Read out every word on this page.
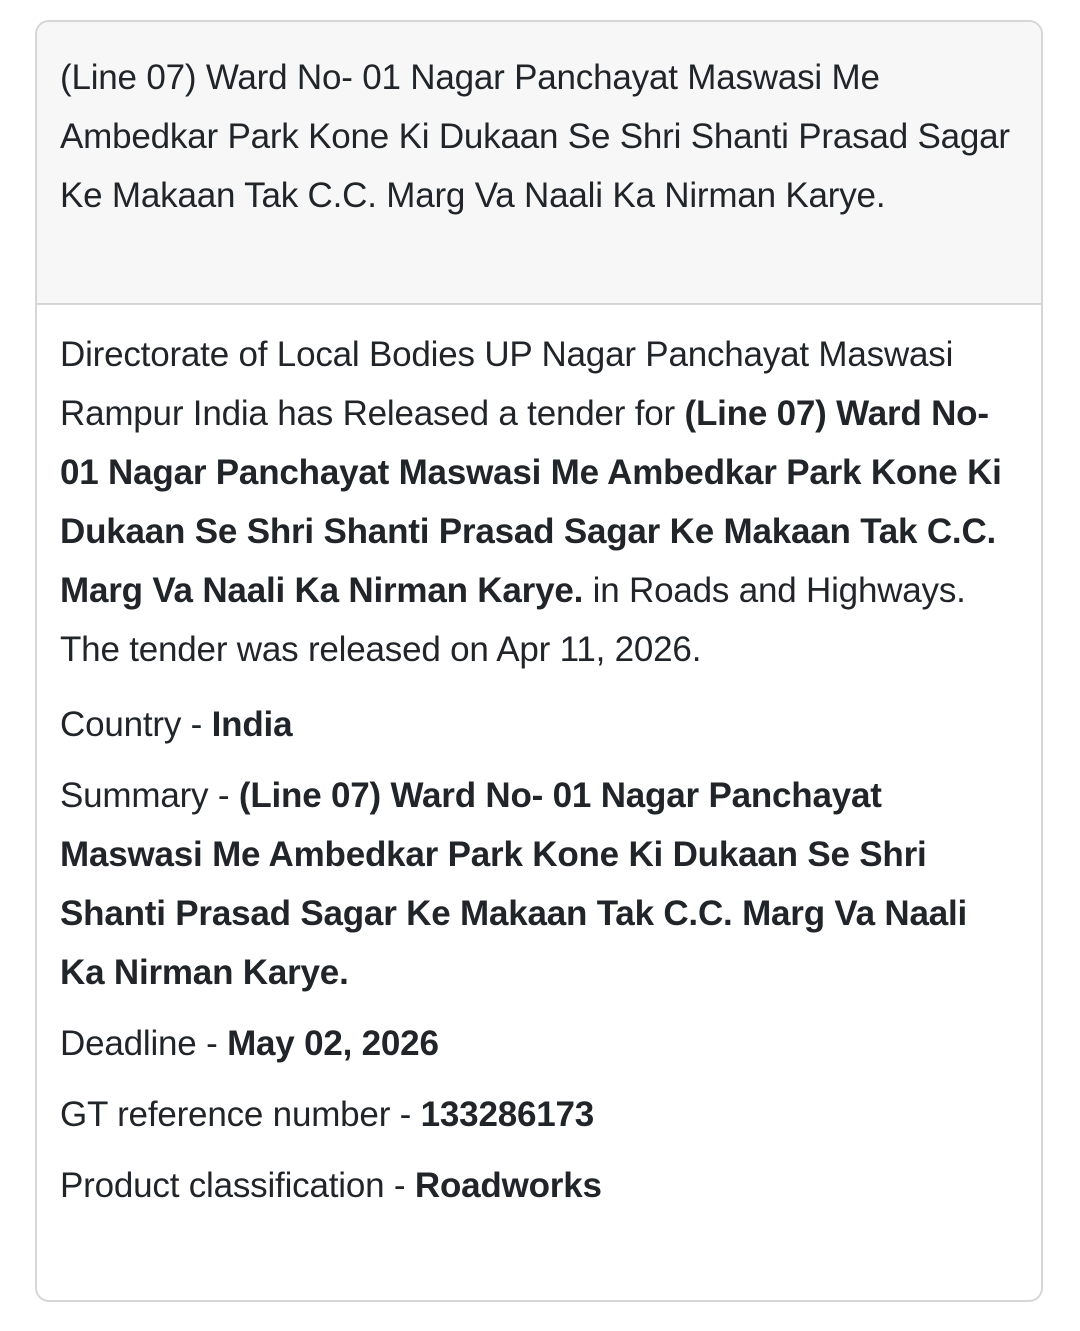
(Line 07) Ward No- 01 Nagar Panchayat Maswasi Me Ambedkar Park Kone Ki Dukaan Se Shri Shanti Prasad Sagar Ke Makaan Tak C.C. Marg Va Naali Ka Nirman Karye.

Directorate of Local Bodies UP Nagar Panchayat Maswasi Rampur India has Released a tender for (Line 07) Ward No- 01 Nagar Panchayat Maswasi Me Ambedkar Park Kone Ki Dukaan Se Shri Shanti Prasad Sagar Ke Makaan Tak C.C. Marg Va Naali Ka Nirman Karye. in Roads and Highways. The tender was released on Apr 11, 2026.

Country - India

Summary - (Line 07) Ward No- 01 Nagar Panchayat Maswasi Me Ambedkar Park Kone Ki Dukaan Se Shri Shanti Prasad Sagar Ke Makaan Tak C.C. Marg Va Naali Ka Nirman Karye.

Deadline - May 02, 2026

GT reference number - 133286173

Product classification - Roadworks
